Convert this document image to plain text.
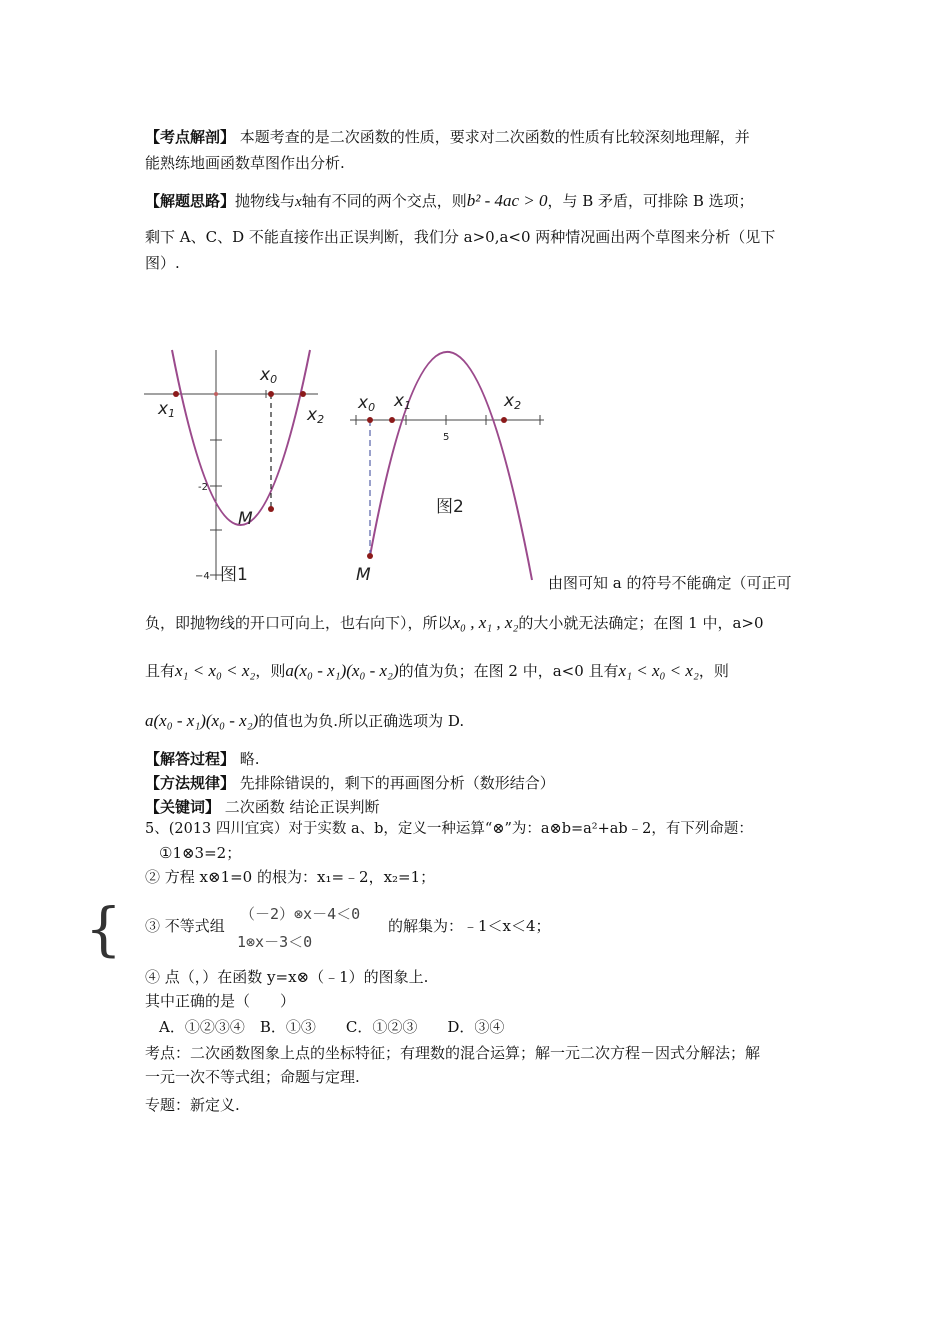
【考点解剖】 本题考查的是二次函数的性质，要求对二次函数的性质有比较深刻地理解，并
能熟练地画函数草图作出分析.
【解题思路】抛物线与x轴有不同的两个交点，则b² - 4ac > 0，与 B 矛盾，可排除 B 选项；
剩下 A、C、D 不能直接作出正误判断，我们分 a>0,a<0 两种情况画出两个草图来分析（见下
图）.
x1
x0
x2
M
-2
−4 图1
x0 x1	x2
5
M
图2
由图可知 a 的符号不能确定（可正可
负，即抛物线的开口可向上，也右向下），所以x₀ , x₁ , x₂的大小就无法确定；在图 1 中，a>0
且有x₁ < x₀ < x₂，则a(x₀ - x₁)(x₀ - x₂)的值为负；在图 2 中，a<0 且有x₁ < x₀ < x₂，则
a(x₀ - x₁)(x₀ - x₂)的值也为负.所以正确选项为 D.
【解答过程】 略.
【方法规律】 先排除错误的，剩下的再画图分析（数形结合）
【关键词】 二次函数 结论正误判断
5、(2013 四川宜宾）对于实数 a、b，定义一种运算“⊗”为：a⊗b=a²+ab﹣2，有下列命题：
①1⊗3=2；
② 方程 x⊗1=0 的根为：x₁=﹣2，x₂=1；
③ 不等式组
{	（－2）⊗x－4＜0
1⊗x－3＜0
的解集为：﹣1＜x＜4；
④ 点（，）在函数 y=x⊗（﹣1）的图象上.
其中正确的是（　　）
A．①②③④　B．①③　　C．①②③　　D．③④
考点：二次函数图象上点的坐标特征；有理数的混合运算；解一元二次方程－因式分解法；解
一元一次不等式组；命题与定理.
专题：新定义.
